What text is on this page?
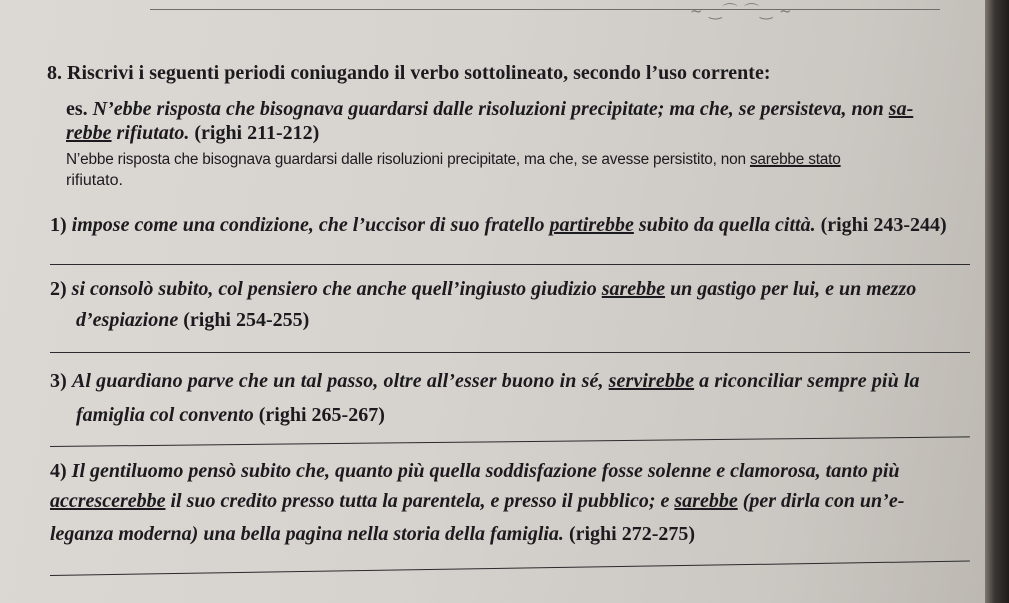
~ ‿⌒ ⌒‿ ~
8. Riscrivi i seguenti periodi coniugando il verbo sottolineato, secondo l’uso corrente:
es. N’ebbe risposta che bisognava guardarsi dalle risoluzioni precipitate; ma che, se persisteva, non sa-
rebbe rifiutato. (righi 211-212)
N’ebbe risposta che bisognava guardarsi dalle risoluzioni precipitate, ma che, se avesse persistito, non sarebbe stato
rifiutato.
1) impose come una condizione, che l’uccisor di suo fratello partirebbe subito da quella città. (righi 243-244)
2) si consolò subito, col pensiero che anche quell’ingiusto giudizio sarebbe un gastigo per lui, e un mezzo
d’espiazione (righi 254-255)
3) Al guardiano parve che un tal passo, oltre all’esser buono in sé, servirebbe a riconciliar sempre più la
famiglia col convento (righi 265-267)
4) Il gentiluomo pensò subito che, quanto più quella soddisfazione fosse solenne e clamorosa, tanto più
accrescerebbe il suo credito presso tutta la parentela, e presso il pubblico; e sarebbe (per dirla con un’e-
leganza moderna) una bella pagina nella storia della famiglia. (righi 272-275)
